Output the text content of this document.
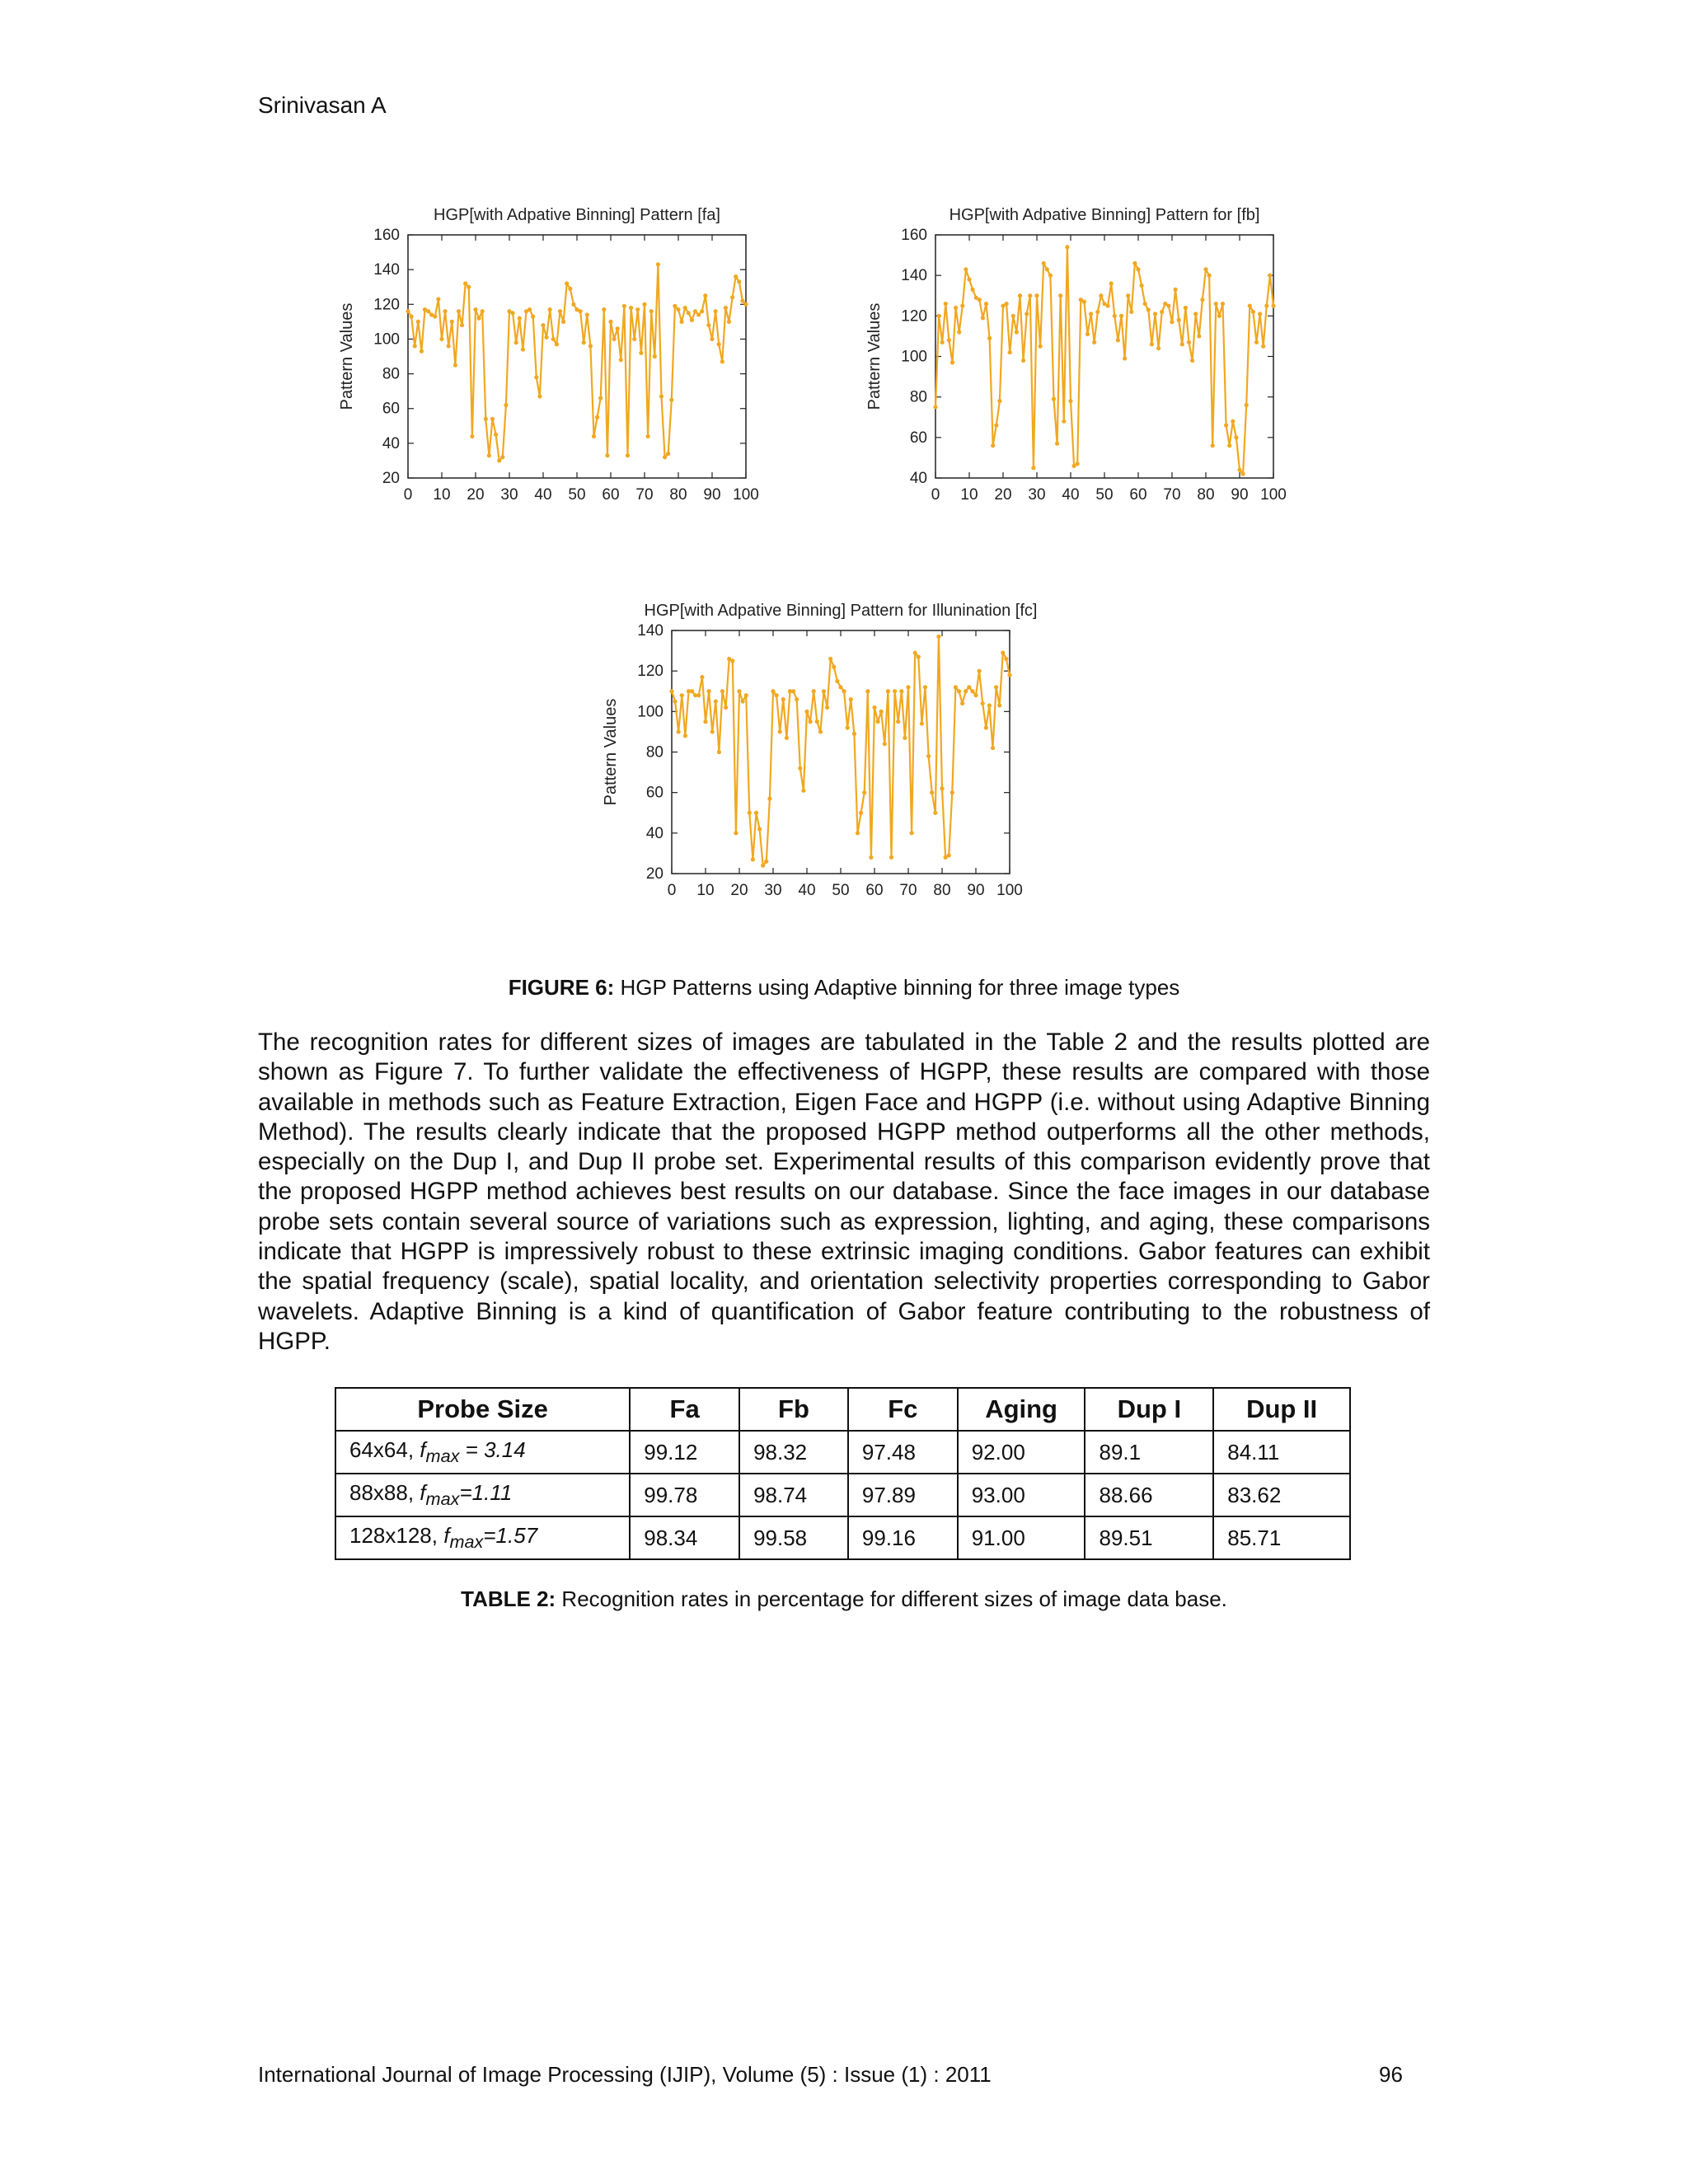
Srinivasan A
HGP[with Adpative Binning] Pattern [fa]
20
40
60
80
100
120
140
160
0 10 20 30 40 50 60 70 80 90 100
Pattern Values
HGP[with Adpative Binning] Pattern for [fb]
40
60
80
100
120
140
160
0 10 20 30 40 50 60 70 80 90 100
Pattern Values
HGP[with Adpative Binning] Pattern for Illunination [fc]
20
40
60
80
100
120
140
0 10 20 30 40 50 60 70 80 90 100
Pattern Values
FIGURE 6: HGP Patterns using Adaptive binning for three image types

The recognition rates for different sizes of images are tabulated in the Table 2 and the results plotted are shown as Figure 7. To further validate the effectiveness of HGPP, these results are compared with those available in methods such as Feature Extraction, Eigen Face and HGPP (i.e. without using Adaptive Binning Method). The results clearly indicate that the proposed HGPP method outperforms all the other methods, especially on the Dup I, and Dup II probe set. Experimental results of this comparison evidently prove that the proposed HGPP method achieves best results on our database. Since the face images in our database probe sets contain several source of variations such as expression, lighting, and aging, these comparisons indicate that HGPP is impressively robust to these extrinsic imaging conditions. Gabor features can exhibit the spatial frequency (scale), spatial locality, and orientation selectivity properties corresponding to Gabor wavelets. Adaptive Binning is a kind of quantification of Gabor feature contributing to the robustness of HGPP.

Probe Size	Fa	Fb	Fc	Aging	Dup I	Dup II
64x64, $f_{max} = 3.14$	99.12	98.32	97.48	92.00	89.1	84.11
88x88, $f_{max}=1.11$	99.78	98.74	97.89	93.00	88.66	83.62
128x128, $f_{max}=1.57$	98.34	99.58	99.16	91.00	89.51	85.71
TABLE 2: Recognition rates in percentage for different sizes of image data base.
International Journal of Image Processing (IJIP), Volume (5) : Issue (1) : 2011	96
